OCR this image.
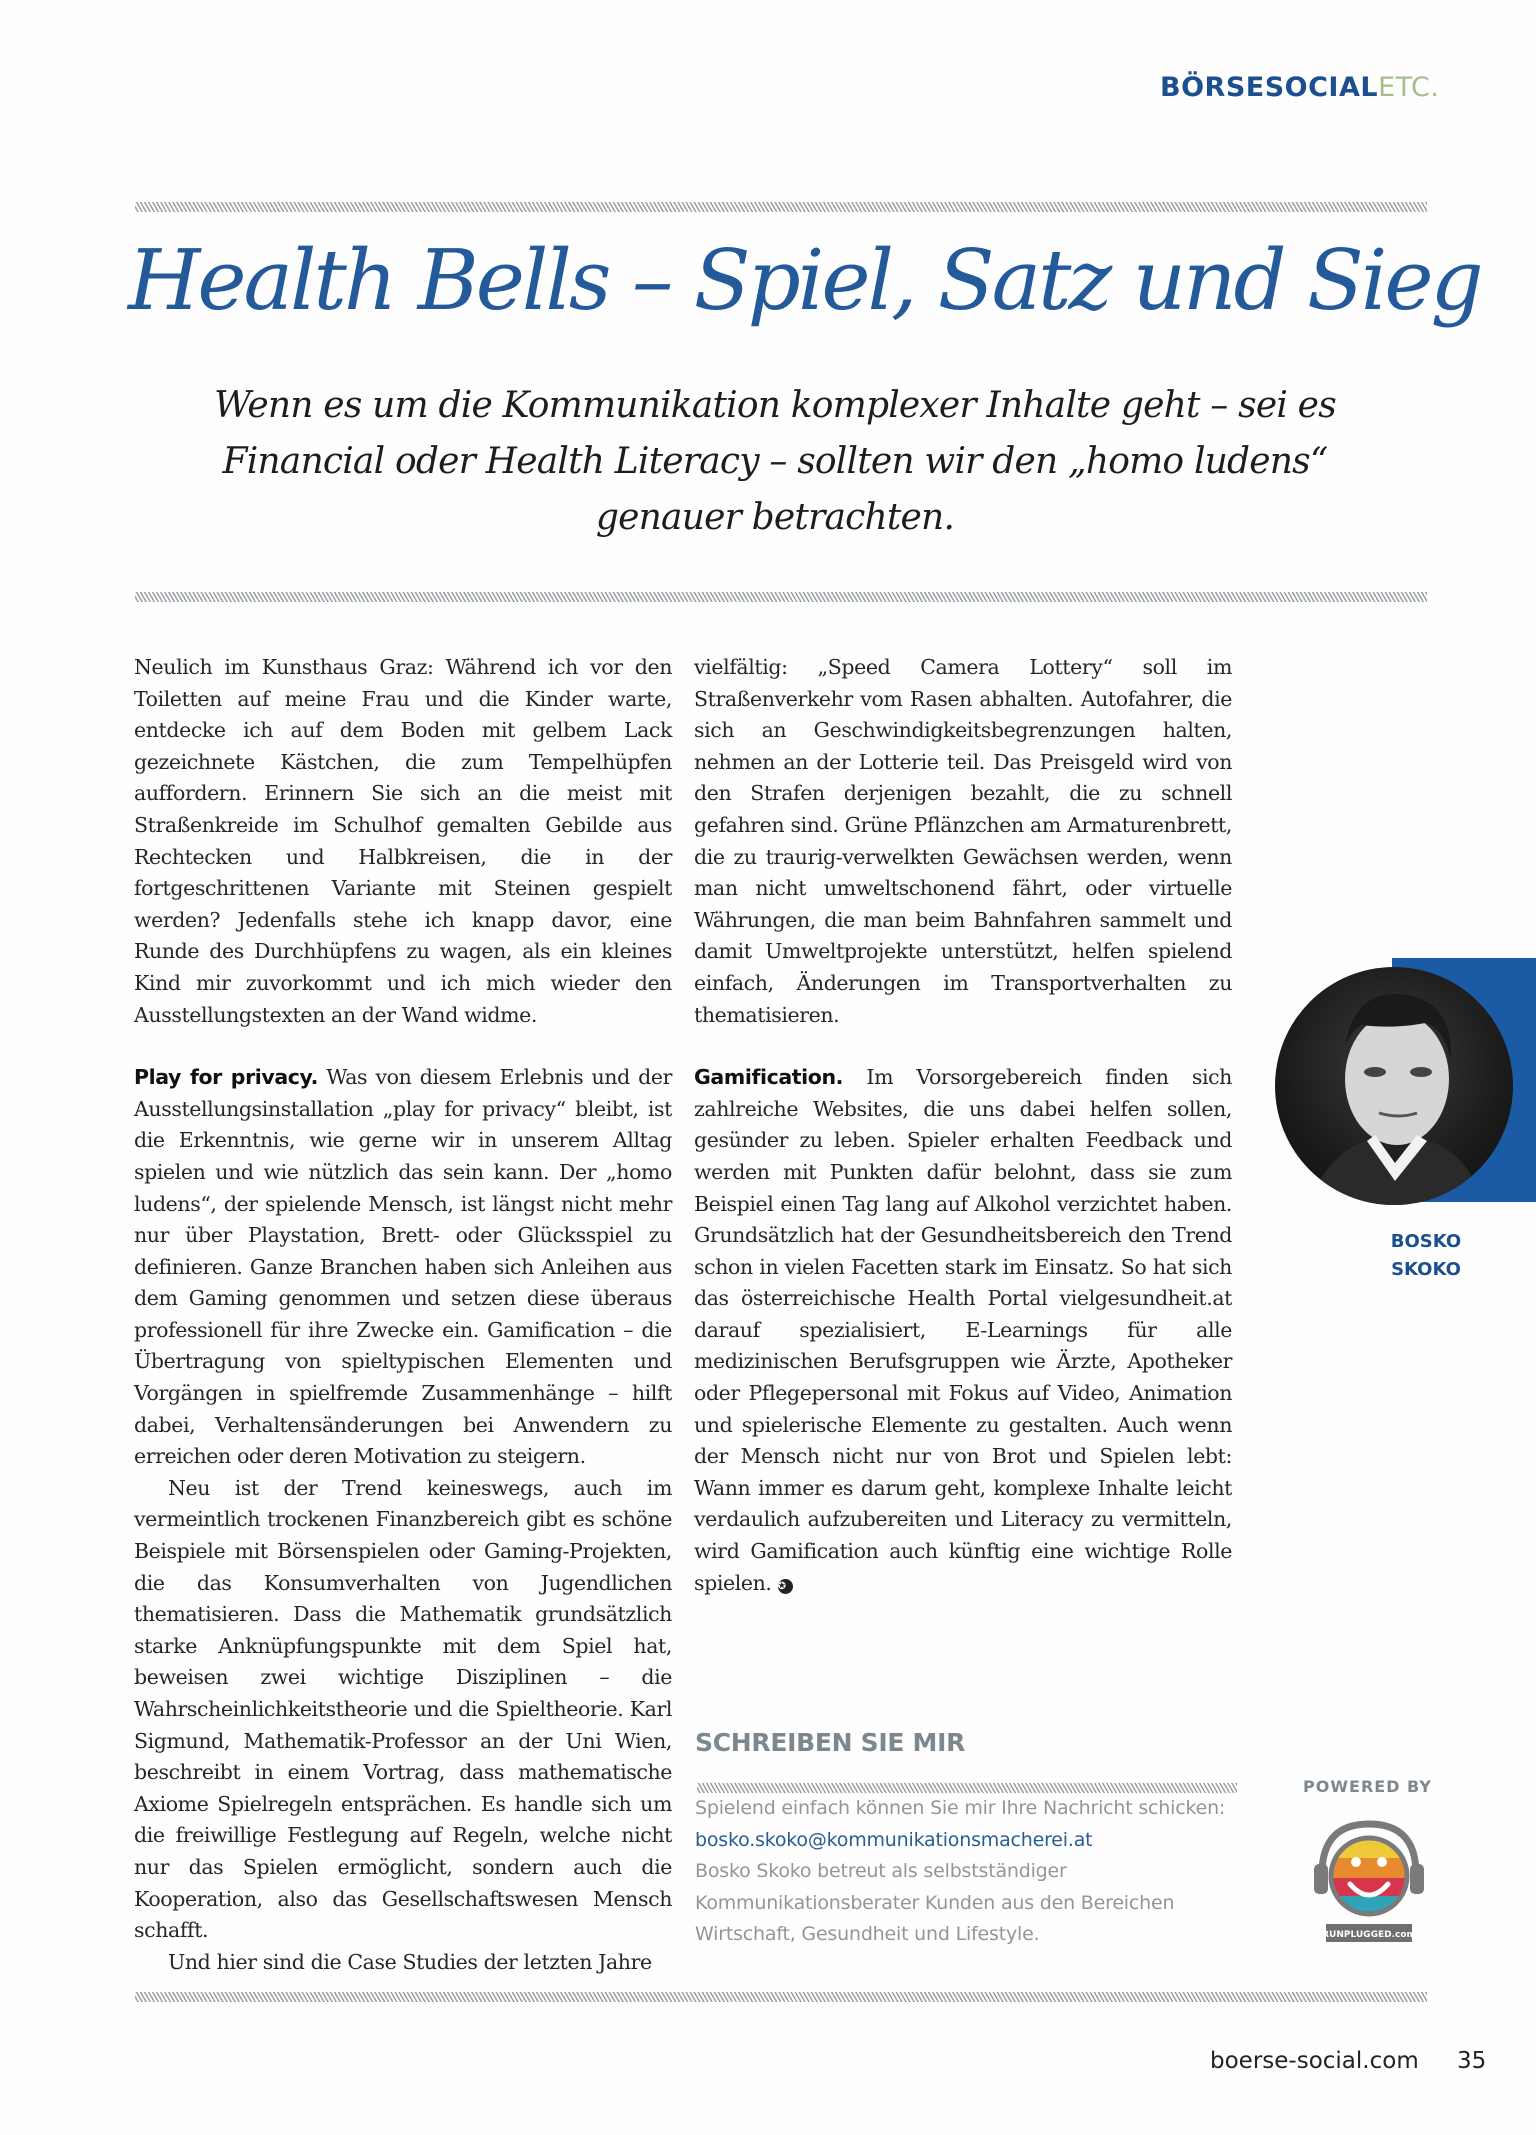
BÖRSESOCIALETC.
Health Bells – Spiel, Satz und Sieg
Wenn es um die Kommunikation komplexer Inhalte geht – sei es Financial oder Health Literacy – sollten wir den „homo ludens“ genauer betrachten.

Neulich im Kunsthaus Graz: Während ich vor den Toiletten auf meine Frau und die Kinder warte, entdecke ich auf dem Boden mit gelbem Lack gezeichnete Kästchen, die zum Tempelhüpfen auffordern. Erinnern Sie sich an die meist mit Straßenkreide im Schulhof gemalten Gebilde aus Rechtecken und Halbkreisen, die in der fortgeschrittenen Variante mit Steinen gespielt werden? Jedenfalls stehe ich knapp davor, eine Runde des Durchhüpfens zu wagen, als ein kleines Kind mir zuvorkommt und ich mich wieder den Ausstellungstexten an der Wand widme.

Play for privacy. Was von diesem Erlebnis und der Ausstellungsinstallation „play for privacy“ bleibt, ist die Erkenntnis, wie gerne wir in unserem Alltag spielen und wie nützlich das sein kann. Der „homo ludens“, der spielende Mensch, ist längst nicht mehr nur über Playstation, Brett- oder Glücksspiel zu definieren. Ganze Branchen haben sich Anleihen aus dem Gaming genommen und setzen diese überaus professionell für ihre Zwecke ein. Gamification – die Übertragung von spieltypischen Elementen und Vorgängen in spielfremde Zusammenhänge – hilft dabei, Verhaltensänderungen bei Anwendern zu erreichen oder deren Motivation zu steigern.

Neu ist der Trend keineswegs, auch im vermeintlich trockenen Finanzbereich gibt es schöne Beispiele mit Börsenspielen oder Gaming-Projekten, die das Konsumverhalten von Jugendlichen thematisieren. Dass die Mathematik grundsätzlich starke Anknüpfungspunkte mit dem Spiel hat, beweisen zwei wichtige Disziplinen – die Wahrscheinlichkeitstheorie und die Spieltheorie. Karl Sigmund, Mathematik-Professor an der Uni Wien, beschreibt in einem Vortrag, dass mathematische Axiome Spielregeln entsprächen. Es handle sich um die freiwillige Festlegung auf Regeln, welche nicht nur das Spielen ermöglicht, sondern auch die Kooperation, also das Gesellschaftswesen Mensch schafft.

Und hier sind die Case Studies der letzten Jahre

vielfältig: „Speed Camera Lottery“ soll im Straßenverkehr vom Rasen abhalten. Autofahrer, die sich an Geschwindigkeitsbegrenzungen halten, nehmen an der Lotterie teil. Das Preisgeld wird von den Strafen derjenigen bezahlt, die zu schnell gefahren sind. Grüne Pflänzchen am Armaturenbrett, die zu traurig-verwelkten Gewächsen werden, wenn man nicht umweltschonend fährt, oder virtuelle Währungen, die man beim Bahnfahren sammelt und damit Umweltprojekte unterstützt, helfen spielend einfach, Änderungen im Transportverhalten zu thematisieren.

Gamification. Im Vorsorgebereich finden sich zahlreiche Websites, die uns dabei helfen sollen, gesünder zu leben. Spieler erhalten Feedback und werden mit Punkten dafür belohnt, dass sie zum Beispiel einen Tag lang auf Alkohol verzichtet haben. Grundsätzlich hat der Gesundheitsbereich den Trend schon in vielen Facetten stark im Einsatz. So hat sich das österreichische Health Portal vielgesundheit.at darauf spezialisiert, E-Learnings für alle medizinischen Berufsgruppen wie Ärzte, Apotheker oder Pflegepersonal mit Fokus auf Video, Animation und spielerische Elemente zu gestalten. Auch wenn der Mensch nicht nur von Brot und Spielen lebt: Wann immer es darum geht, komplexe Inhalte leicht verdaulich aufzubereiten und Literacy zu vermitteln, wird Gamification auch künftig eine wichtige Rolle spielen. ✪

BOSKO
SKOKO
SCHREIBEN SIE MIR
Spielend einfach können Sie mir Ihre Nachricht schicken: bosko.skoko@kommunikationsmacherei.at
Bosko Skoko betreut als selbstständiger Kommunikationsberater Kunden aus den Bereichen Wirtschaft, Gesundheit und Lifestyle.
POWERED BY
RUNPLUGGED.com
boerse-social.com 35
